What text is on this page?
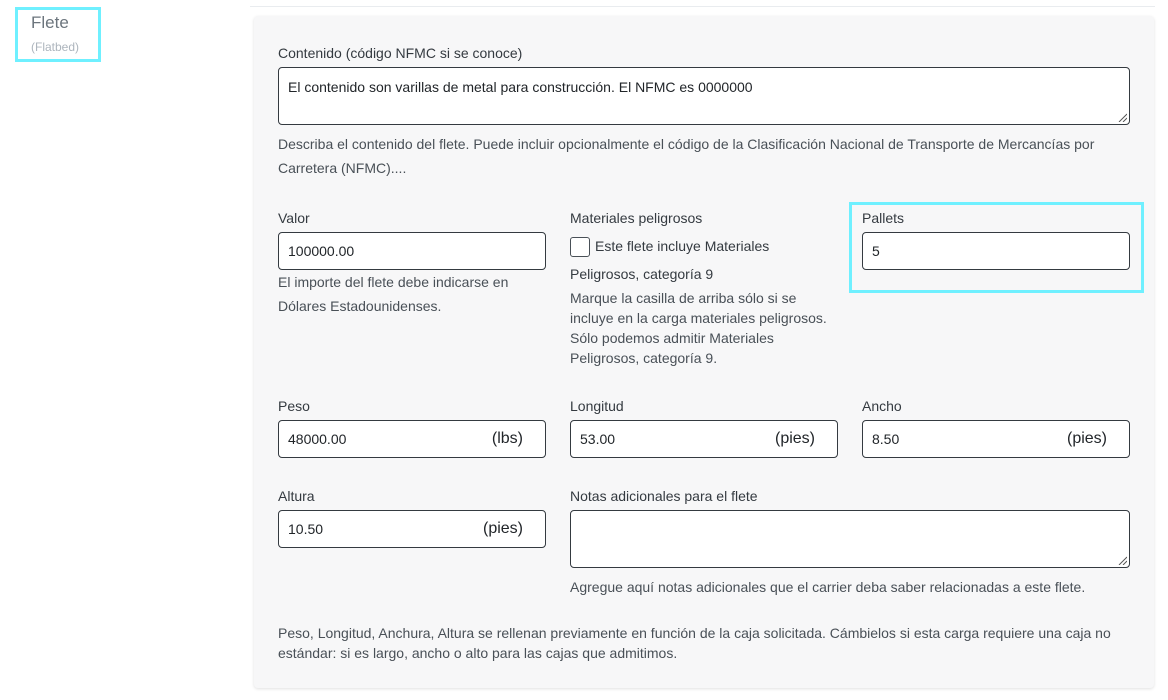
Flete
(Flatbed)	Contenido (código NFMC si se conoce)
El contenido son varillas de metal para construcción. El NFMC es 0000000
Describa el contenido del flete. Puede incluir opcionalmente el código de la Clasificación Nacional de Transporte de Mercancías por
Carretera (NFMC)....
Valor
100000.00
El importe del flete debe indicarse en
Dólares Estadounidenses.
Materiales peligrosos
Este flete incluye Materiales
Peligrosos, categoría 9
Marque la casilla de arriba sólo si se
incluye en la carga materiales peligrosos.
Sólo podemos admitir Materiales
Peligrosos, categoría 9.
Pallets
5
Peso
48000.00	(lbs)
Longitud
53.00	(pies)
Ancho
8.50	(pies)
Altura
10.50	(pies)
Notas adicionales para el flete
Agregue aquí notas adicionales que el carrier deba saber relacionadas a este flete.
Peso, Longitud, Anchura, Altura se rellenan previamente en función de la caja solicitada. Cámbielos si esta carga requiere una caja no
estándar: si es largo, ancho o alto para las cajas que admitimos.
